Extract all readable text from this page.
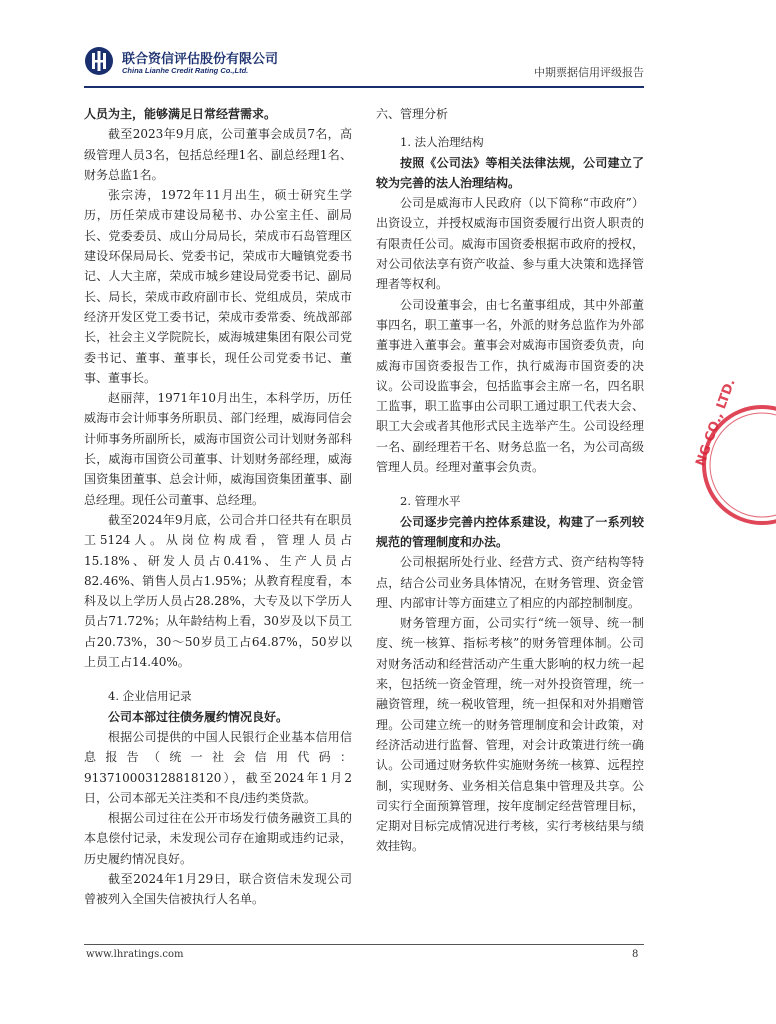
联合资信评估股份有限公司
China Lianhe Credit Rating Co.,Ltd.	中期票据信用评级报告

人员为主，能够满足日常经营需求。

截至2023年9月底，公司董事会成员7名，高级管理人员3名，包括总经理1名、副总经理1名、财务总监1名。

张宗涛，1972年11月出生，硕士研究生学历，历任荣成市建设局秘书、办公室主任、副局长、党委委员、成山分局局长，荣成市石岛管理区建设环保局局长、党委书记，荣成市大疃镇党委书记、人大主席，荣成市城乡建设局党委书记、副局长、局长，荣成市政府副市长、党组成员，荣成市经济开发区党工委书记，荣成市委常委、统战部部长，社会主义学院院长，威海城建集团有限公司党委书记、董事、董事长，现任公司党委书记、董事、董事长。

赵丽萍，1971年10月出生，本科学历，历任威海市会计师事务所职员、部门经理，威海同信会计师事务所副所长，威海市国资公司计划财务部科长，威海市国资公司董事、计划财务部经理，威海国资集团董事、总会计师，威海国资集团董事、副总经理。现任公司董事、总经理。

截至2024年9月底，公司合并口径共有在职员工5124人。从岗位构成看，管理人员占15.18%、研发人员占0.41%、生产人员占82.46%、销售人员占1.95%；从教育程度看，本科及以上学历人员占28.28%，大专及以下学历人员占71.72%；从年龄结构上看，30岁及以下员工占20.73%，30～50岁员工占64.87%，50岁以上员工占14.40%。

4. 企业信用记录

公司本部过往债务履约情况良好。

根据公司提供的中国人民银行企业基本信用信息报告（统一社会信用代码：913710003128818120），截至2024年1月2日，公司本部无关注类和不良/违约类贷款。

根据公司过往在公开市场发行债务融资工具的本息偿付记录，未发现公司存在逾期或违约记录，历史履约情况良好。

截至2024年1月29日，联合资信未发现公司曾被列入全国失信被执行人名单。

六、管理分析

1. 法人治理结构

按照《公司法》等相关法律法规，公司建立了较为完善的法人治理结构。

公司是威海市人民政府（以下简称“市政府”）出资设立，并授权威海市国资委履行出资人职责的有限责任公司。威海市国资委根据市政府的授权，对公司依法享有资产收益、参与重大决策和选择管理者等权利。

公司设董事会，由七名董事组成，其中外部董事四名，职工董事一名，外派的财务总监作为外部董事进入董事会。董事会对威海市国资委负责，向威海市国资委报告工作，执行威海市国资委的决议。公司设监事会，包括监事会主席一名，四名职工监事，职工监事由公司职工通过职工代表大会、职工大会或者其他形式民主选举产生。公司设经理一名、副经理若干名、财务总监一名，为公司高级管理人员。经理对董事会负责。

2. 管理水平

公司逐步完善内控体系建设，构建了一系列较规范的管理制度和办法。

公司根据所处行业、经营方式、资产结构等特点，结合公司业务具体情况，在财务管理、资金管理、内部审计等方面建立了相应的内部控制制度。

财务管理方面，公司实行“统一领导、统一制度、统一核算、指标考核”的财务管理体制。公司对财务活动和经营活动产生重大影响的权力统一起来，包括统一资金管理，统一对外投资管理，统一融资管理，统一税收管理，统一担保和对外捐赠管理。公司建立统一的财务管理制度和会计政策，对经济活动进行监督、管理，对会计政策进行统一确认。公司通过财务软件实施财务统一核算、远程控制，实现财务、业务相关信息集中管理及共享。公司实行全面预算管理，按年度制定经营管理目标，定期对目标完成情况进行考核，实行考核结果与绩效挂钩。

NG CO., LTD.
www.lhratings.com	8
